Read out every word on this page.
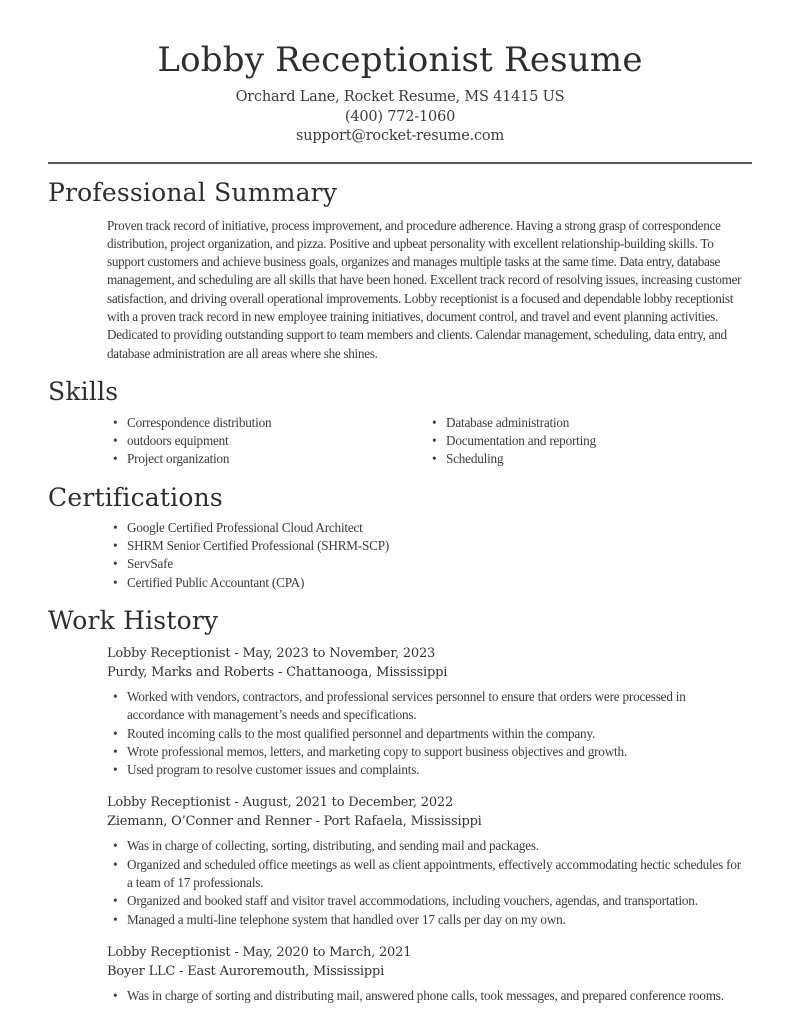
Lobby Receptionist Resume
Orchard Lane, Rocket Resume, MS 41415 US
(400) 772-1060
support@rocket-resume.com
Professional Summary

Proven track record of initiative, process improvement, and procedure adherence. Having a strong grasp of correspondence distribution, project organization, and pizza. Positive and upbeat personality with excellent relationship-building skills. To support customers and achieve business goals, organizes and manages multiple tasks at the same time. Data entry, database management, and scheduling are all skills that have been honed. Excellent track record of resolving issues, increasing customer satisfaction, and driving overall operational improvements. Lobby receptionist is a focused and dependable lobby receptionist with a proven track record in new employee training initiatives, document control, and travel and event planning activities. Dedicated to providing outstanding support to team members and clients. Calendar management, scheduling, data entry, and database administration are all areas where she shines.

Skills
• Correspondence distribution
• outdoors equipment
• Project organization
• Database administration
• Documentation and reporting
• Scheduling
Certifications
• Google Certified Professional Cloud Architect
• SHRM Senior Certified Professional (SHRM-SCP)
• ServSafe
• Certified Public Accountant (CPA)
Work History
Lobby Receptionist - May, 2023 to November, 2023
Purdy, Marks and Roberts - Chattanooga, Mississippi
• Worked with vendors, contractors, and professional services personnel to ensure that orders were processed in accordance with management’s needs and specifications.
• Routed incoming calls to the most qualified personnel and departments within the company.
• Wrote professional memos, letters, and marketing copy to support business objectives and growth.
• Used program to resolve customer issues and complaints.
Lobby Receptionist - August, 2021 to December, 2022
Ziemann, O’Conner and Renner - Port Rafaela, Mississippi
• Was in charge of collecting, sorting, distributing, and sending mail and packages.
• Organized and scheduled office meetings as well as client appointments, effectively accommodating hectic schedules for a team of 17 professionals.
• Organized and booked staff and visitor travel accommodations, including vouchers, agendas, and transportation.
• Managed a multi-line telephone system that handled over 17 calls per day on my own.
Lobby Receptionist - May, 2020 to March, 2021
Boyer LLC - East Auroremouth, Mississippi
• Was in charge of sorting and distributing mail, answered phone calls, took messages, and prepared conference rooms.
